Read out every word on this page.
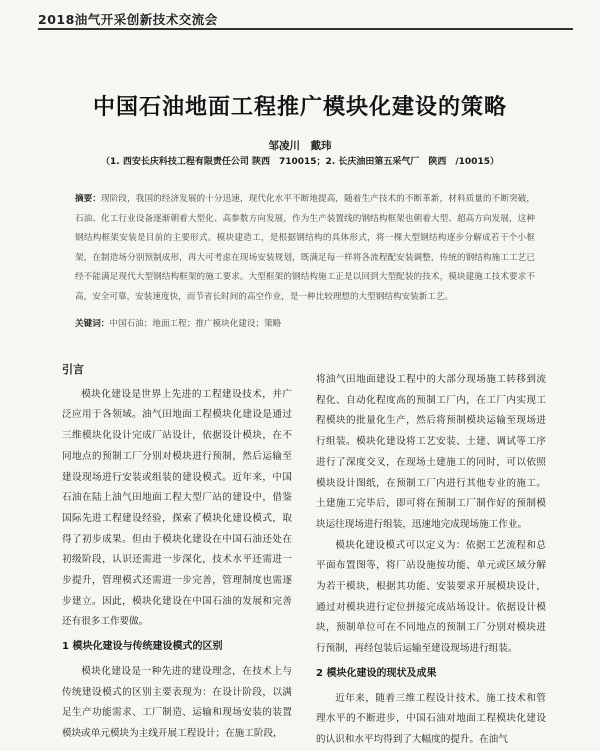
2018油气开采创新技术交流会
中国石油地面工程推广模块化建设的策略
邹凌川　戴玮
（1. 西安长庆科技工程有限责任公司 陕西　710015；2. 长庆油田第五采气厂　陕西　/10015）
摘要：现阶段，我国的经济发展的十分迅速，现代化水平不断地提高，随着生产技术的不断革新，材料质量的不断突破，石油、化工行业设备逐渐朝着大型化、高参数方向发展，作为生产装置线的钢结构框架也朝着大型、超高方向发展，这种钢结构框架安装是目前的主要形式。模块建造工，是根据钢结构的具体形式，将一棵大型钢结构逐步分解成若干个小框架，在制造场分别预制成形，再大可考虑在现场安装规划，既满足每一样将各流程配安装调整，传统的钢结构施工工艺已经不能满足现代大型钢结构框架的施工要求。大型框架的钢结构施工正是以回到大型配装的技术，模块建施工技术要求不高，安全可靠，安装速度快，而节省长时间的高空作业，是一种比较理想的大型钢结构安装新工艺。
关键词：中国石油；地面工程；推广模块化建设；策略
引言

模块化建设是世界上先进的工程建设技术，并广泛应用于各领域。油气田地面工程模块化建设是通过三维模块化设计完成厂站设计，依据设计模块，在不同地点的预制工厂分别对模块进行预制，然后运输至建设现场进行安装或组装的建设模式。近年来，中国石油在陆上油气田地面工程大型厂站的建设中，借鉴国际先进工程建设经验，探索了模块化建设模式，取得了初步成果。但由于模块化建设在中国石油还处在初级阶段，认识还需进一步深化，技术水平还需进一步提升，管理模式还需进一步完善，管理制度也需逐步建立。因此，模块化建设在中国石油的发展和完善还有很多工作要做。

1 模块化建设与传统建设模式的区别

模块化建设是一种先进的建设理念，在技术上与传统建设模式的区别主要表现为：在设计阶段，以满足生产功能需求、工厂制造、运输和现场安装的装置模块或单元模块为主线开展工程设计；在施工阶段，

将油气田地面建设工程中的大部分现场施工转移到流程化、自动化程度高的预制工厂内，在工厂内实现工程模块的批量化生产，然后将预制模块运输至现场进行组装。模块化建设将工艺安装、土建、调试等工序进行了深度交叉，在现场土建施工的同时，可以依照模块设计图纸，在预制工厂内进行其他专业的施工。土建施工完毕后，即可将在预制工厂制作好的预制模块运往现场进行组装，迅速地完成现场施工作业。

模块化建设模式可以定义为：依据工艺流程和总平面布置图等，将厂站设施按功能、单元或区域分解为若干模块，根据其功能、安装要求开展模块设计，通过对模块进行定位拼接完成站场设计。依据设计模块，预制单位可在不同地点的预制工厂分别对模块进行预制，再经包装后运输至建设现场进行组装。

2 模块化建设的现状及成果

近年来，随着三维工程设计技术、施工技术和管理水平的不断进步，中国石油对地面工程模块化建设的认识和水平均得到了大幅度的提升。在油气
